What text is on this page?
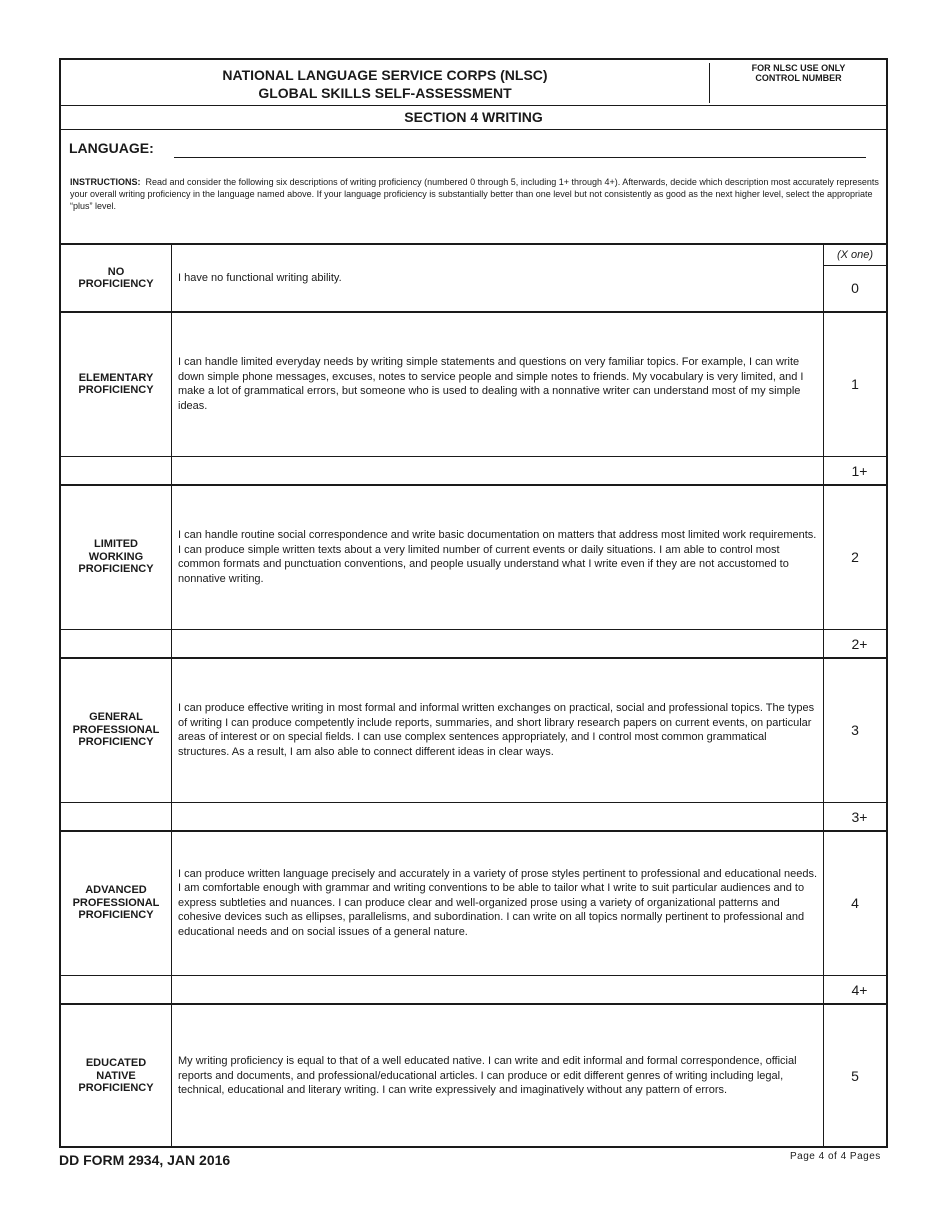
NATIONAL LANGUAGE SERVICE CORPS (NLSC)
GLOBAL SKILLS SELF-ASSESSMENT
FOR NLSC USE ONLY
CONTROL NUMBER
SECTION 4 WRITING
LANGUAGE:
INSTRUCTIONS: Read and consider the following six descriptions of writing proficiency (numbered 0 through 5, including 1+ through 4+). Afterwards, decide which description most accurately represents your overall writing proficiency in the language named above. If your language proficiency is substantially better than one level but not consistently as good as the next higher level, select the appropriate “plus” level.
(X one)
NO
PROFICIENCY
I have no functional writing ability.
0
ELEMENTARY
PROFICIENCY
I can handle limited everyday needs by writing simple statements and questions on very familiar topics. For example, I can write down simple phone messages, excuses, notes to service people and simple notes to friends. My vocabulary is very limited, and I make a lot of grammatical errors, but someone who is used to dealing with a nonnative writer can understand most of my simple ideas.
1
1+
LIMITED
WORKING
PROFICIENCY
I can handle routine social correspondence and write basic documentation on matters that address most limited work requirements. I can produce simple written texts about a very limited number of current events or daily situations. I am able to control most common formats and punctuation conventions, and people usually understand what I write even if they are not accustomed to nonnative writing.
2
2+
GENERAL
PROFESSIONAL
PROFICIENCY
I can produce effective writing in most formal and informal written exchanges on practical, social and professional topics. The types of writing I can produce competently include reports, summaries, and short library research papers on current events, on particular areas of interest or on special fields. I can use complex sentences appropriately, and I control most common grammatical structures. As a result, I am also able to connect different ideas in clear ways.
3
3+
ADVANCED
PROFESSIONAL
PROFICIENCY
I can produce written language precisely and accurately in a variety of prose styles pertinent to professional and educational needs. I am comfortable enough with grammar and writing conventions to be able to tailor what I write to suit particular audiences and to express subtleties and nuances. I can produce clear and well-organized prose using a variety of organizational patterns and cohesive devices such as ellipses, parallelisms, and subordination. I can write on all topics normally pertinent to professional and educational needs and on social issues of a general nature.
4
4+
EDUCATED
NATIVE
PROFICIENCY
My writing proficiency is equal to that of a well educated native. I can write and edit informal and formal correspondence, official reports and documents, and professional/educational articles. I can produce or edit different genres of writing including legal, technical, educational and literary writing. I can write expressively and imaginatively without any pattern of errors.
5
DD FORM 2934, JAN 2016	Page 4 of 4 Pages
